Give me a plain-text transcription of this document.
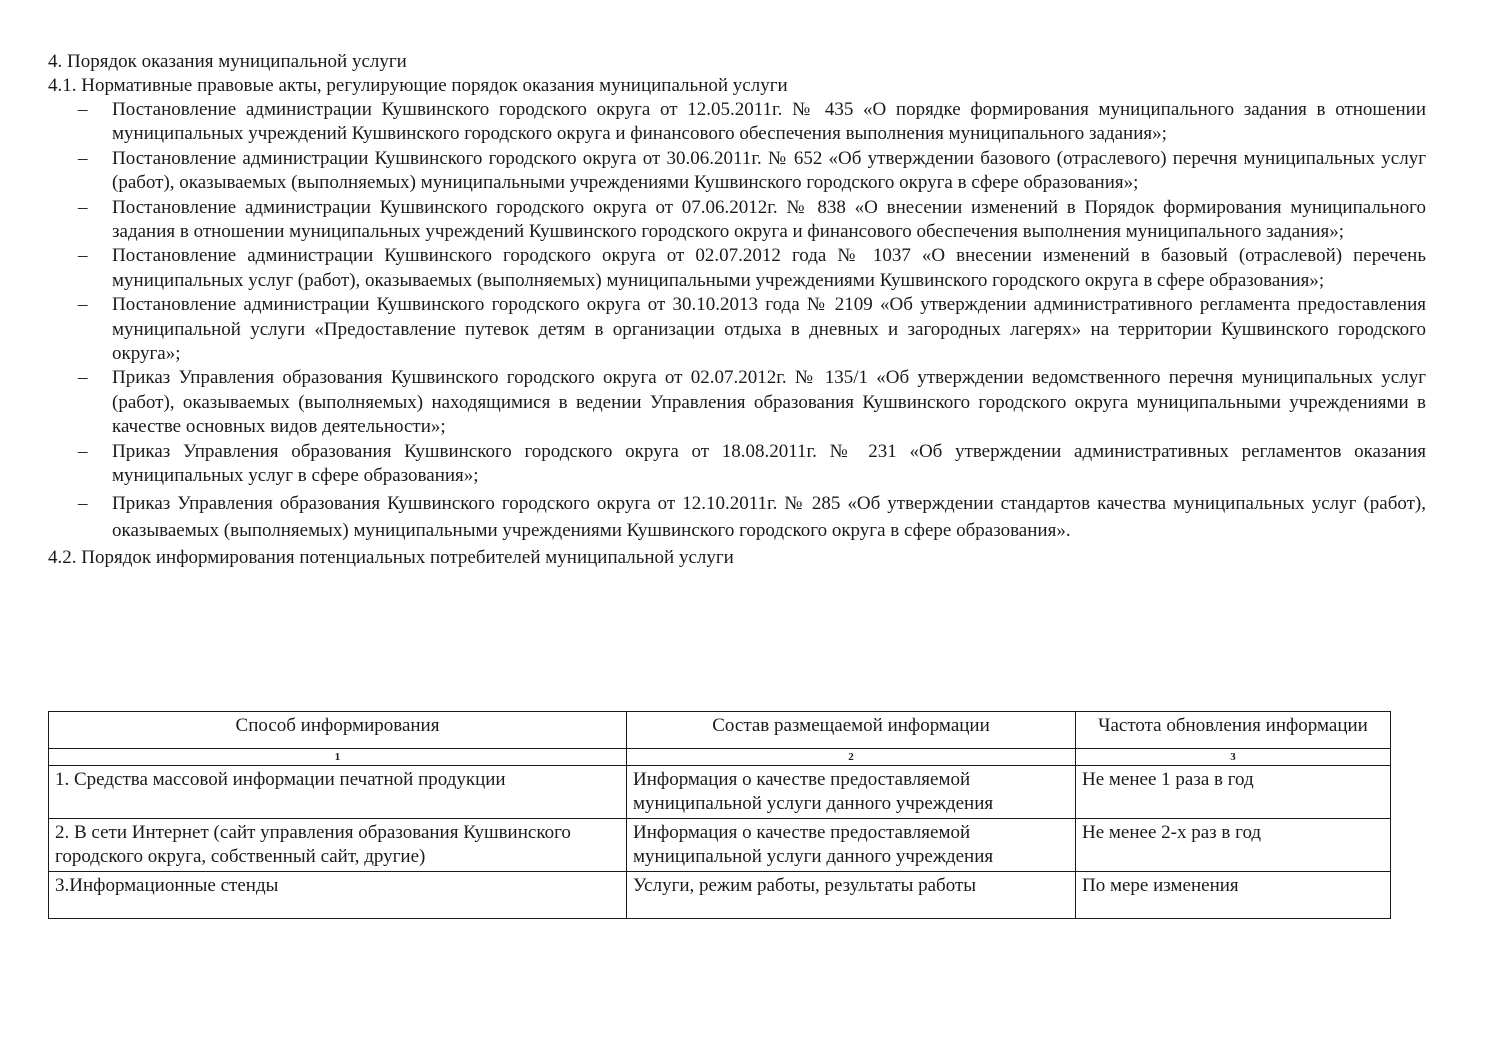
4. Порядок оказания муниципальной услуги
4.1. Нормативные правовые акты, регулирующие порядок оказания муниципальной услуги
– Постановление администрации Кушвинского городского округа от 12.05.2011г. № 435 «О порядке формирования муниципального задания в отношении муниципальных учреждений Кушвинского городского округа и финансового обеспечения выполнения муниципального задания»;
– Постановление администрации Кушвинского городского округа от 30.06.2011г. № 652 «Об утверждении базового (отраслевого) перечня муниципальных услуг (работ), оказываемых (выполняемых) муниципальными учреждениями Кушвинского городского округа в сфере образования»;
– Постановление администрации Кушвинского городского округа от 07.06.2012г. № 838 «О внесении изменений в Порядок формирования муниципального задания в отношении муниципальных учреждений Кушвинского городского округа и финансового обеспечения выполнения муниципального задания»;
– Постановление администрации Кушвинского городского округа от 02.07.2012 года № 1037 «О внесении изменений в базовый (отраслевой) перечень муниципальных услуг (работ), оказываемых (выполняемых) муниципальными учреждениями Кушвинского городского округа в сфере образования»;
– Постановление администрации Кушвинского городского округа от 30.10.2013 года № 2109 «Об утверждении административного регламента предоставления муниципальной услуги «Предоставление путевок детям в организации отдыха в дневных и загородных лагерях» на территории Кушвинского городского округа»;
– Приказ Управления образования Кушвинского городского округа от 02.07.2012г. № 135/1 «Об утверждении ведомственного перечня муниципальных услуг (работ), оказываемых (выполняемых) находящимися в ведении Управления образования Кушвинского городского округа муниципальными учреждениями в качестве основных видов деятельности»;
– Приказ Управления образования Кушвинского городского округа от 18.08.2011г. № 231 «Об утверждении административных регламентов оказания муниципальных услуг в сфере образования»;
– Приказ Управления образования Кушвинского городского округа от 12.10.2011г. № 285 «Об утверждении стандартов качества муниципальных услуг (работ), оказываемых (выполняемых) муниципальными учреждениями Кушвинского городского округа в сфере образования».
4.2. Порядок информирования потенциальных потребителей муниципальной услуги
Способ информирования	Состав размещаемой информации	Частота обновления информации
1	2	3
1. Средства массовой информации печатной продукции	Информация о качестве предоставляемой муниципальной услуги данного учреждения	Не менее 1 раза в год
2. В сети Интернет (сайт управления образования Кушвинского городского округа, собственный сайт, другие)	Информация о качестве предоставляемой муниципальной услуги данного учреждения	Не менее 2-х раз в год
3.Информационные стенды	Услуги, режим работы, результаты работы	По мере изменения
